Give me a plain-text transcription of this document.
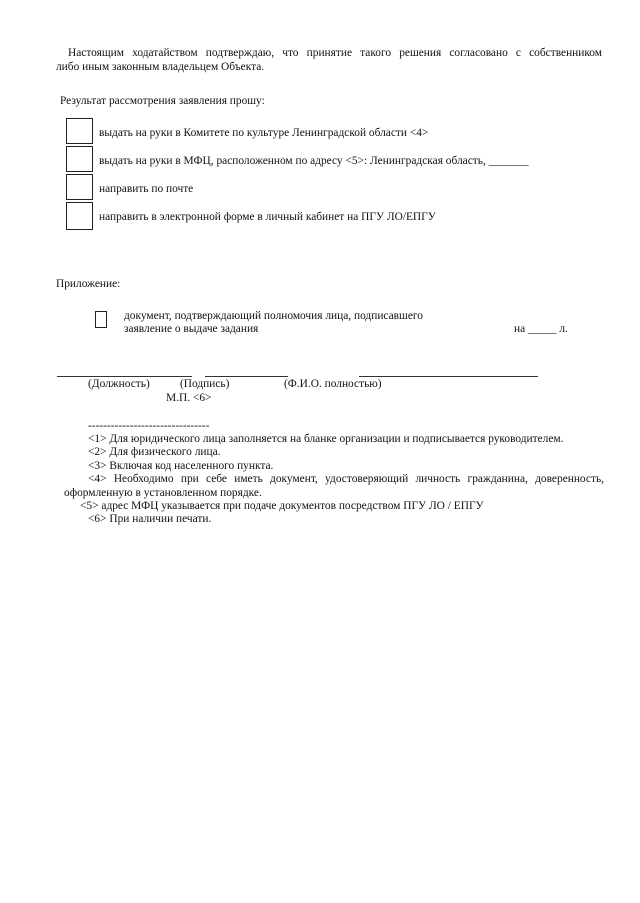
Настоящим ходатайством подтверждаю, что принятие такого решения согласовано с собственником
либо иным законным владельцем Объекта.
Результат рассмотрения заявления прошу:
выдать на руки в Комитете по культуре Ленинградской области <4>
выдать на руки в МФЦ, расположенном по адресу <5>: Ленинградская область, _______
направить по почте
направить в электронной форме в личный кабинет на ПГУ ЛО/ЕПГУ
Приложение:
документ, подтверждающий полномочия лица, подписавшего
заявление о выдаче задания	на _____ л.
(Должность)	(Подпись)	(Ф.И.О. полностью)
М.П. <6>
--------------------------------
<1> Для юридического лица заполняется на бланке организации и подписывается руководителем.
<2> Для физического лица.
<3> Включая код населенного пункта.
<4> Необходимо при себе иметь документ, удостоверяющий личность гражданина, доверенность,
оформленную в установленном порядке.
<5> адрес МФЦ указывается при подаче документов посредством ПГУ ЛО / ЕПГУ
<6> При наличии печати.
